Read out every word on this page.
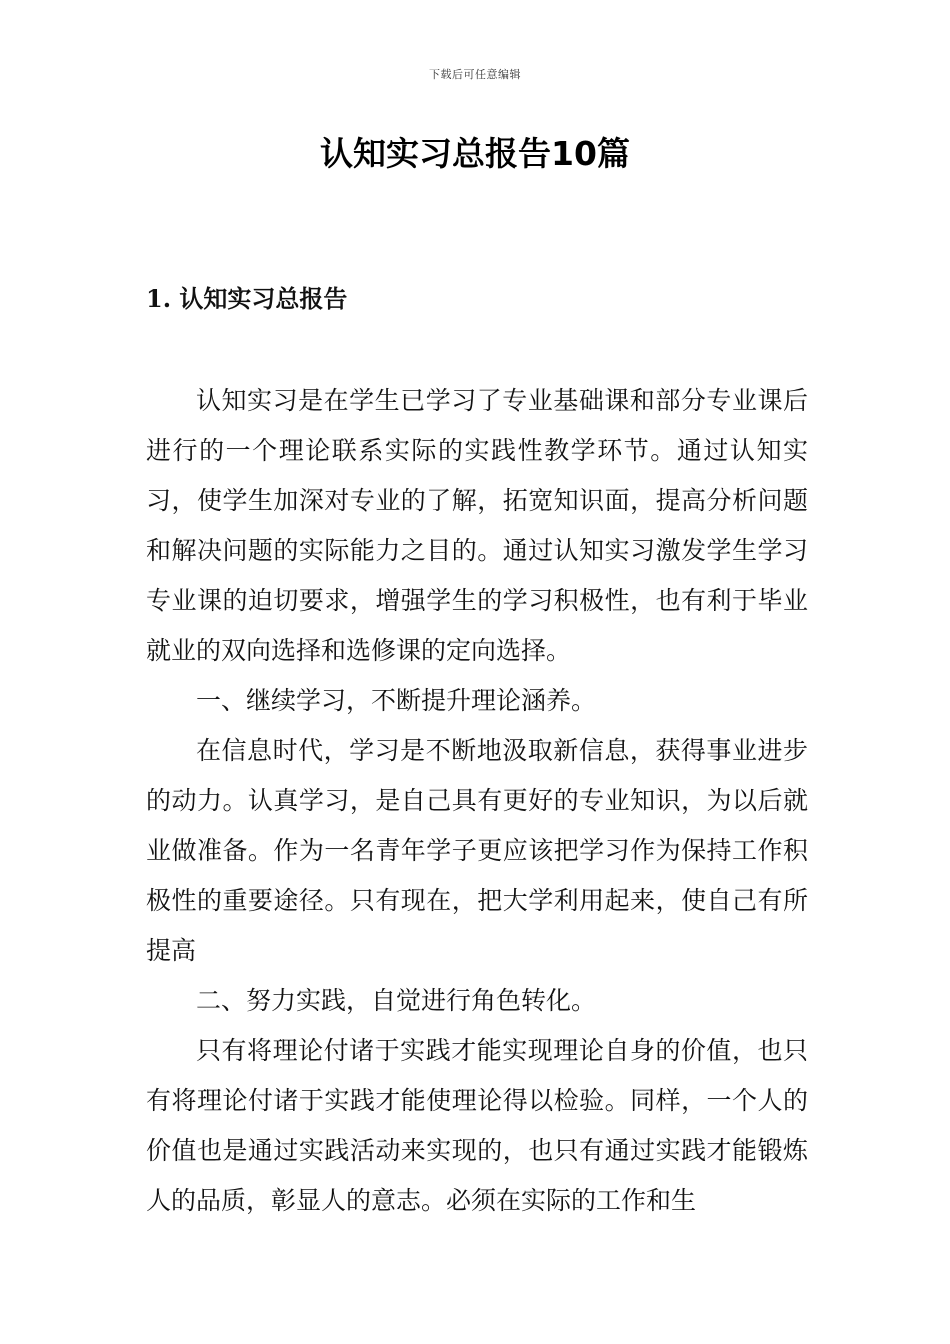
下载后可任意编辑
认知实习总报告10篇
1. 认知实习总报告

认知实习是在学生已学习了专业基础课和部分专业课后进行的一个理论联系实际的实践性教学环节。通过认知实习，使学生加深对专业的了解，拓宽知识面，提高分析问题和解决问题的实际能力之目的。通过认知实习激发学生学习专业课的迫切要求，增强学生的学习积极性，也有利于毕业就业的双向选择和选修课的定向选择。

一、继续学习，不断提升理论涵养。

在信息时代，学习是不断地汲取新信息，获得事业进步的动力。认真学习，是自己具有更好的专业知识，为以后就业做准备。作为一名青年学子更应该把学习作为保持工作积极性的重要途径。只有现在，把大学利用起来，使自己有所提高

二、努力实践，自觉进行角色转化。

只有将理论付诸于实践才能实现理论自身的价值，也只有将理论付诸于实践才能使理论得以检验。同样，一个人的价值也是通过实践活动来实现的，也只有通过实践才能锻炼人的品质，彰显人的意志。必须在实际的工作和生
